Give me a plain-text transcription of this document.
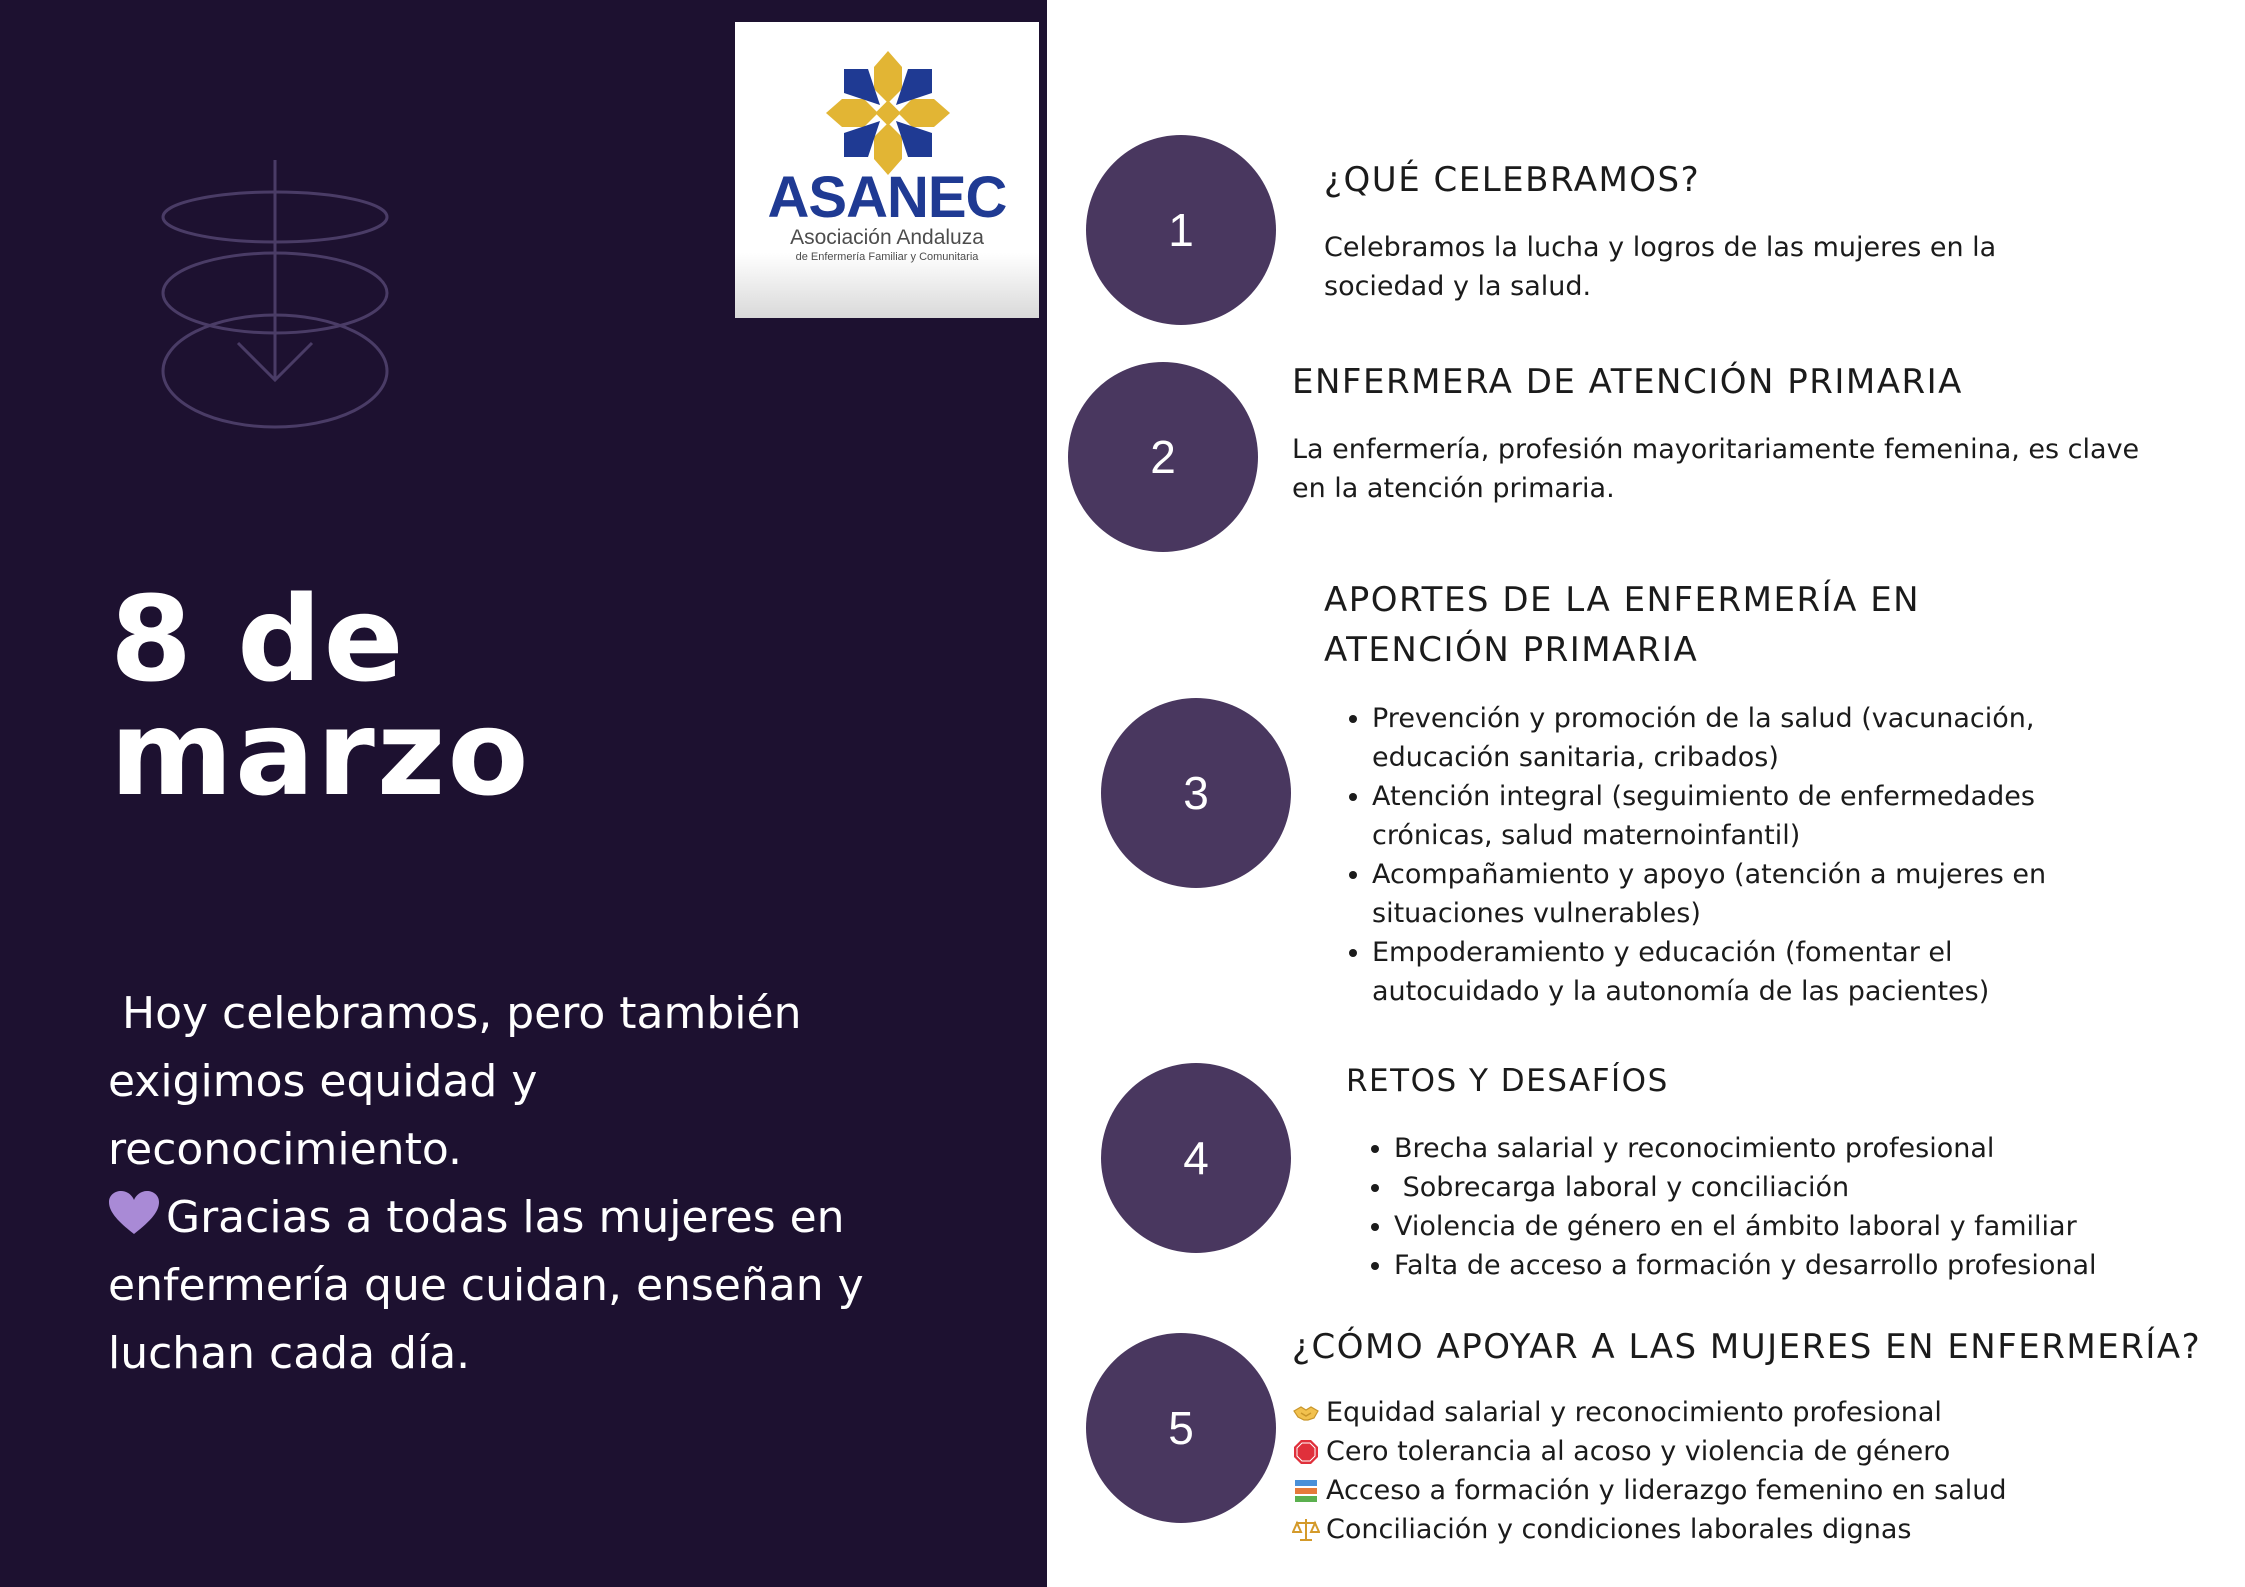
ASANEC
Asociación Andaluza
de Enfermería Familiar y Comunitaria
8 de
marzo
Hoy celebramos, pero también exigimos equidad y reconocimiento.
Gracias a todas las mujeres en enfermería que cuidan, enseñan y luchan cada día.
1
¿QUÉ CELEBRAMOS?
Celebramos la lucha y logros de las mujeres en la sociedad y la salud.
2
ENFERMERA DE ATENCIÓN PRIMARIA
La enfermería, profesión mayoritariamente femenina, es clave en la atención primaria.
3
APORTES DE LA ENFERMERÍA EN ATENCIÓN PRIMARIA
• Prevención y promoción de la salud (vacunación, educación sanitaria, cribados)
• Atención integral (seguimiento de enfermedades crónicas, salud maternoinfantil)
• Acompañamiento y apoyo (atención a mujeres en situaciones vulnerables)
• Empoderamiento y educación (fomentar el autocuidado y la autonomía de las pacientes)
4
RETOS Y DESAFÍOS
• Brecha salarial y reconocimiento profesional
•  Sobrecarga laboral y conciliación
• Violencia de género en el ámbito laboral y familiar
• Falta de acceso a formación y desarrollo profesional
5
¿CÓMO APOYAR A LAS MUJERES EN ENFERMERÍA?
Equidad salarial y reconocimiento profesional
Cero tolerancia al acoso y violencia de género
Acceso a formación y liderazgo femenino en salud
Conciliación y condiciones laborales dignas
